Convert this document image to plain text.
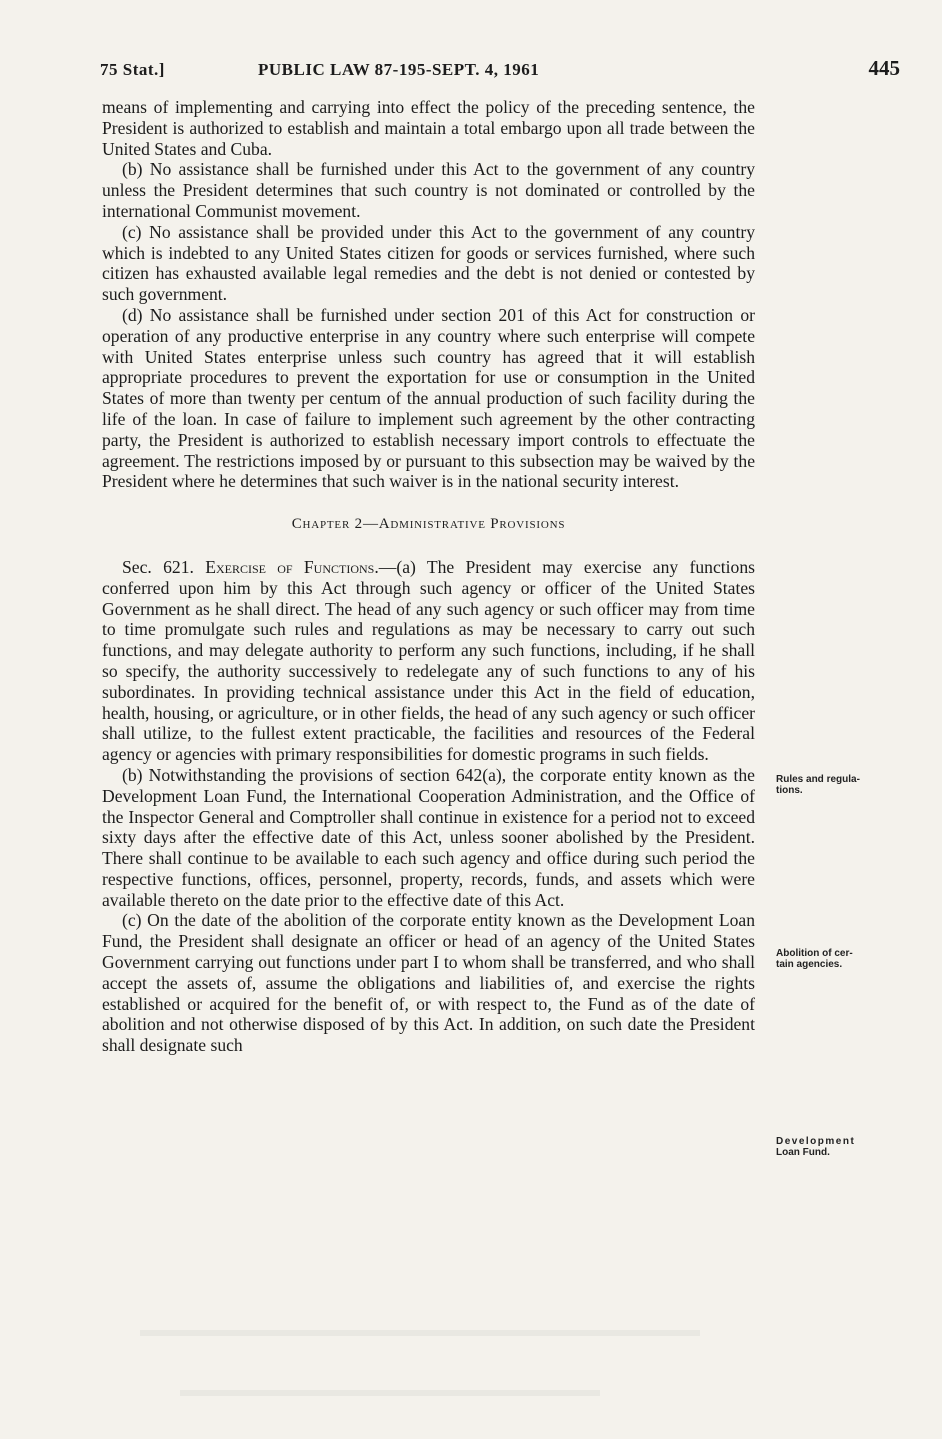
75 Stat.]	PUBLIC LAW 87-195-SEPT. 4, 1961	445

means of implementing and carrying into effect the policy of the preceding sentence, the President is authorized to establish and maintain a total embargo upon all trade between the United States and Cuba.

(b) No assistance shall be furnished under this Act to the government of any country unless the President determines that such country is not dominated or controlled by the international Communist movement.

(c) No assistance shall be provided under this Act to the government of any country which is indebted to any United States citizen for goods or services furnished, where such citizen has exhausted available legal remedies and the debt is not denied or contested by such government.

(d) No assistance shall be furnished under section 201 of this Act for construction or operation of any productive enterprise in any country where such enterprise will compete with United States enterprise unless such country has agreed that it will establish appropriate procedures to prevent the exportation for use or consumption in the United States of more than twenty per centum of the annual production of such facility during the life of the loan. In case of failure to implement such agreement by the other contracting party, the President is authorized to establish necessary import controls to effectuate the agreement. The restrictions imposed by or pursuant to this subsection may be waived by the President where he determines that such waiver is in the national security interest.

Chapter 2—Administrative Provisions

Sec. 621. Exercise of Functions.—(a) The President may exercise any functions conferred upon him by this Act through such agency or officer of the United States Government as he shall direct. The head of any such agency or such officer may from time to time promulgate such rules and regulations as may be necessary to carry out such functions, and may delegate authority to perform any such functions, including, if he shall so specify, the authority successively to redelegate any of such functions to any of his subordinates. In providing technical assistance under this Act in the field of education, health, housing, or agriculture, or in other fields, the head of any such agency or such officer shall utilize, to the fullest extent practicable, the facilities and resources of the Federal agency or agencies with primary responsibilities for domestic programs in such fields.

(b) Notwithstanding the provisions of section 642(a), the corporate entity known as the Development Loan Fund, the International Cooperation Administration, and the Office of the Inspector General and Comptroller shall continue in existence for a period not to exceed sixty days after the effective date of this Act, unless sooner abolished by the President. There shall continue to be available to each such agency and office during such period the respective functions, offices, personnel, property, records, funds, and assets which were available thereto on the date prior to the effective date of this Act.

(c) On the date of the abolition of the corporate entity known as the Development Loan Fund, the President shall designate an officer or head of an agency of the United States Government carrying out functions under part I to whom shall be transferred, and who shall accept the assets of, assume the obligations and liabilities of, and exercise the rights established or acquired for the benefit of, or with respect to, the Fund as of the date of abolition and not otherwise disposed of by this Act. In addition, on such date the President shall designate such

Rules and regula-
tions.
Abolition of cer-
tain agencies.
Development
Loan Fund.
